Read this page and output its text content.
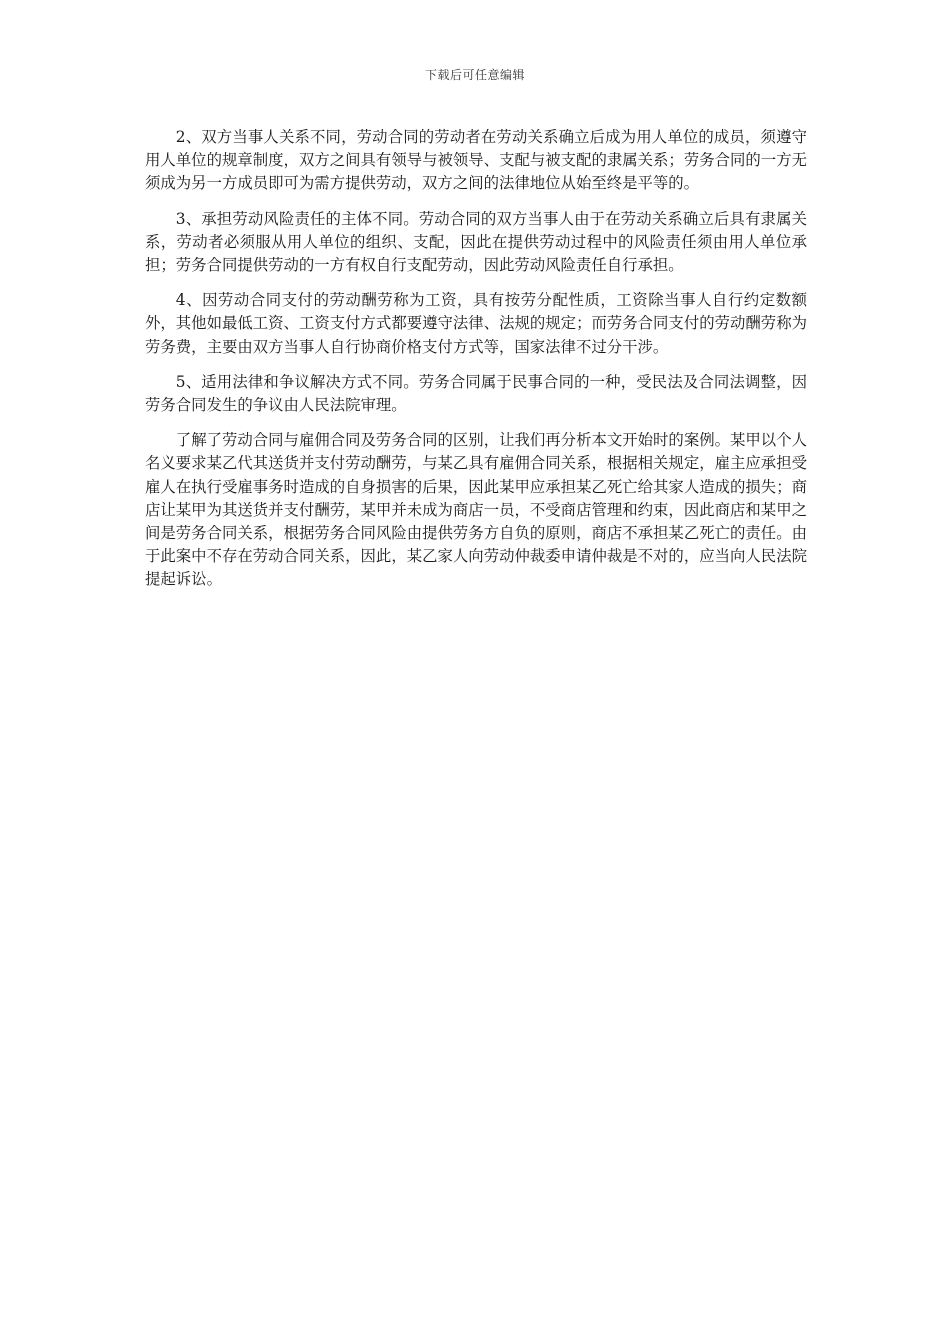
下载后可任意编辑

2、双方当事人关系不同，劳动合同的劳动者在劳动关系确立后成为用人单位的成员，须遵守用人单位的规章制度，双方之间具有领导与被领导、支配与被支配的隶属关系；劳务合同的一方无须成为另一方成员即可为需方提供劳动，双方之间的法律地位从始至终是平等的。

3、承担劳动风险责任的主体不同。劳动合同的双方当事人由于在劳动关系确立后具有隶属关系，劳动者必须服从用人单位的组织、支配，因此在提供劳动过程中的风险责任须由用人单位承担；劳务合同提供劳动的一方有权自行支配劳动，因此劳动风险责任自行承担。

4、因劳动合同支付的劳动酬劳称为工资，具有按劳分配性质，工资除当事人自行约定数额外，其他如最低工资、工资支付方式都要遵守法律、法规的规定；而劳务合同支付的劳动酬劳称为劳务费，主要由双方当事人自行协商价格支付方式等，国家法律不过分干涉。

5、适用法律和争议解决方式不同。劳务合同属于民事合同的一种，受民法及合同法调整，因劳务合同发生的争议由人民法院审理。

了解了劳动合同与雇佣合同及劳务合同的区别，让我们再分析本文开始时的案例。某甲以个人名义要求某乙代其送货并支付劳动酬劳，与某乙具有雇佣合同关系，根据相关规定，雇主应承担受雇人在执行受雇事务时造成的自身损害的后果，因此某甲应承担某乙死亡给其家人造成的损失；商店让某甲为其送货并支付酬劳，某甲并未成为商店一员，不受商店管理和约束，因此商店和某甲之间是劳务合同关系，根据劳务合同风险由提供劳务方自负的原则，商店不承担某乙死亡的责任。由于此案中不存在劳动合同关系，因此，某乙家人向劳动仲裁委申请仲裁是不对的，应当向人民法院提起诉讼。
